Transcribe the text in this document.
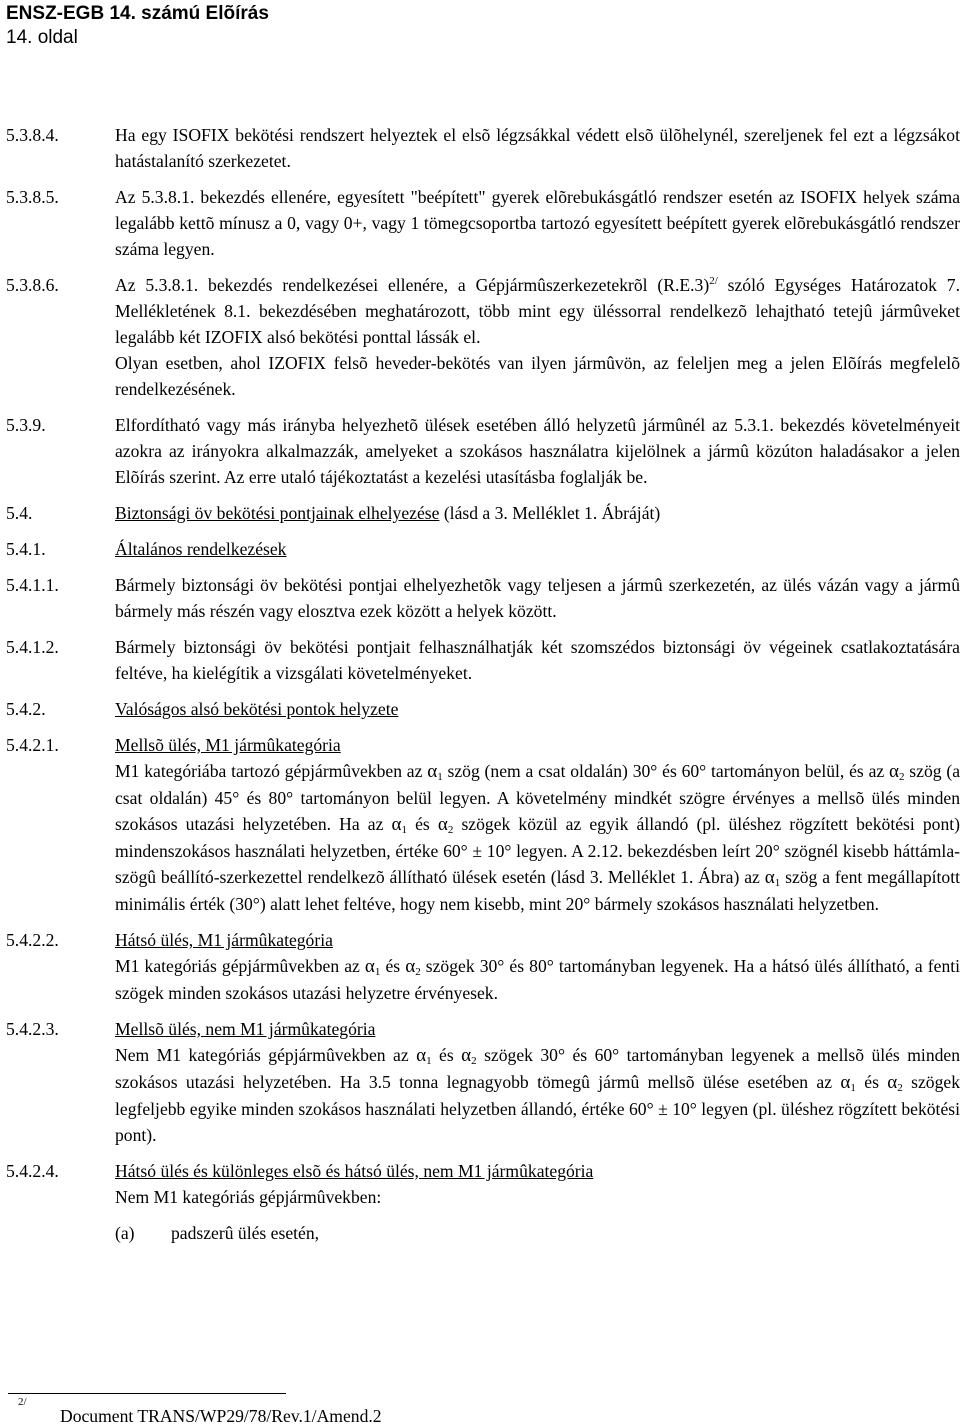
ENSZ-EGB 14. számú Elõírás
14. oldal
5.3.8.4.	Ha egy ISOFIX bekötési rendszert helyeztek el elsõ légzsákkal védett elsõ ülõhelynél, szereljenek fel ezt a légzsákot hatástalanító szerkezetet.
5.3.8.5.	Az 5.3.8.1. bekezdés ellenére, egyesített "beépített" gyerek elõrebukásgátló rendszer esetén az ISOFIX helyek száma legalább kettõ mínusz a 0, vagy 0+, vagy 1 tömegcsoportba tartozó egyesített beépített gyerek elõrebukásgátló rendszer száma legyen.
5.3.8.6.	Az 5.3.8.1. bekezdés rendelkezései ellenére, a Gépjármûszerkezetekrõl $(R.E.3)^{2/}$ szóló Egységes Határozatok 7. Mellékletének 8.1. bekezdésében meghatározott, több mint egy üléssorral rendelkezõ lehajtható tetejû jármûveket legalább két IZOFIX alsó bekötési ponttal lássák el.

Olyan esetben, ahol IZOFIX felsõ heveder-bekötés van ilyen jármûvön, az feleljen meg a jelen Elõírás megfelelõ rendelkezésének.

5.3.9.	Elfordítható vagy más irányba helyezhetõ ülések esetében álló helyzetû jármûnél az 5.3.1. bekezdés követelményeit azokra az irányokra alkalmazzák, amelyeket a szokásos használatra kijelölnek a jármû közúton haladásakor a jelen Elõírás szerint. Az erre utaló tájékoztatást a kezelési utasításba foglalják be.
5.4.	Biztonsági öv bekötési pontjainak elhelyezése (lásd a 3. Melléklet 1. Ábráját)
5.4.1.	Általános rendelkezések
5.4.1.1.	Bármely biztonsági öv bekötési pontjai elhelyezhetõk vagy teljesen a jármû szerkezetén, az ülés vázán vagy a jármû bármely más részén vagy elosztva ezek között a helyek között.
5.4.1.2.	Bármely biztonsági öv bekötési pontjait felhasználhatják két szomszédos biztonsági öv végeinek csatlakoztatására feltéve, ha kielégítik a vizsgálati követelményeket.
5.4.2.	Valóságos alsó bekötési pontok helyzete
5.4.2.1.	Mellsõ ülés, M1 jármûkategória

M1 kategóriába tartozó gépjármûvekben az $\alpha_1$ szög (nem a csat oldalán) 30° és 60° tartományon belül, és az $\alpha_2$ szög (a csat oldalán) 45° és 80° tartományon belül legyen. A követelmény mindkét szögre érvényes a mellsõ ülés minden szokásos utazási helyzetében. Ha az $\alpha_1$ és $\alpha_2$ szögek közül az egyik állandó (pl. üléshez rögzített bekötési pont) mindenszokásos használati helyzetben, értéke 60° ± 10° legyen. A 2.12. bekezdésben leírt 20° szögnél kisebb háttámla-szögû beállító-szerkezettel rendelkezõ állítható ülések esetén (lásd 3. Melléklet 1. Ábra) az $\alpha_1$ szög a fent megállapított minimális érték (30°) alatt lehet feltéve, hogy nem kisebb, mint 20° bármely szokásos használati helyzetben.

5.4.2.2.	Hátsó ülés, M1 jármûkategória

M1 kategóriás gépjármûvekben az $\alpha_1$ és $\alpha_2$ szögek 30° és 80° tartományban legyenek. Ha a hátsó ülés állítható, a fenti szögek minden szokásos utazási helyzetre érvényesek.

5.4.2.3.	Mellsõ ülés, nem M1 jármûkategória

Nem M1 kategóriás gépjármûvekben az $\alpha_1$ és $\alpha_2$ szögek 30° és 60° tartományban legyenek a mellsõ ülés minden szokásos utazási helyzetében. Ha 3.5 tonna legnagyobb tömegû jármû mellsõ ülése esetében az $\alpha_1$ és $\alpha_2$ szögek legfeljebb egyike minden szokásos használati helyzetben állandó, értéke 60° ± 10° legyen (pl. üléshez rögzített bekötési pont).

5.4.2.4.	Hátsó ülés és különleges elsõ és hátsó ülés, nem M1 jármûkategória

Nem M1 kategóriás gépjármûvekben:

(a)	padszerû ülés esetén,
2/
Document TRANS/WP29/78/Rev.1/Amend.2
